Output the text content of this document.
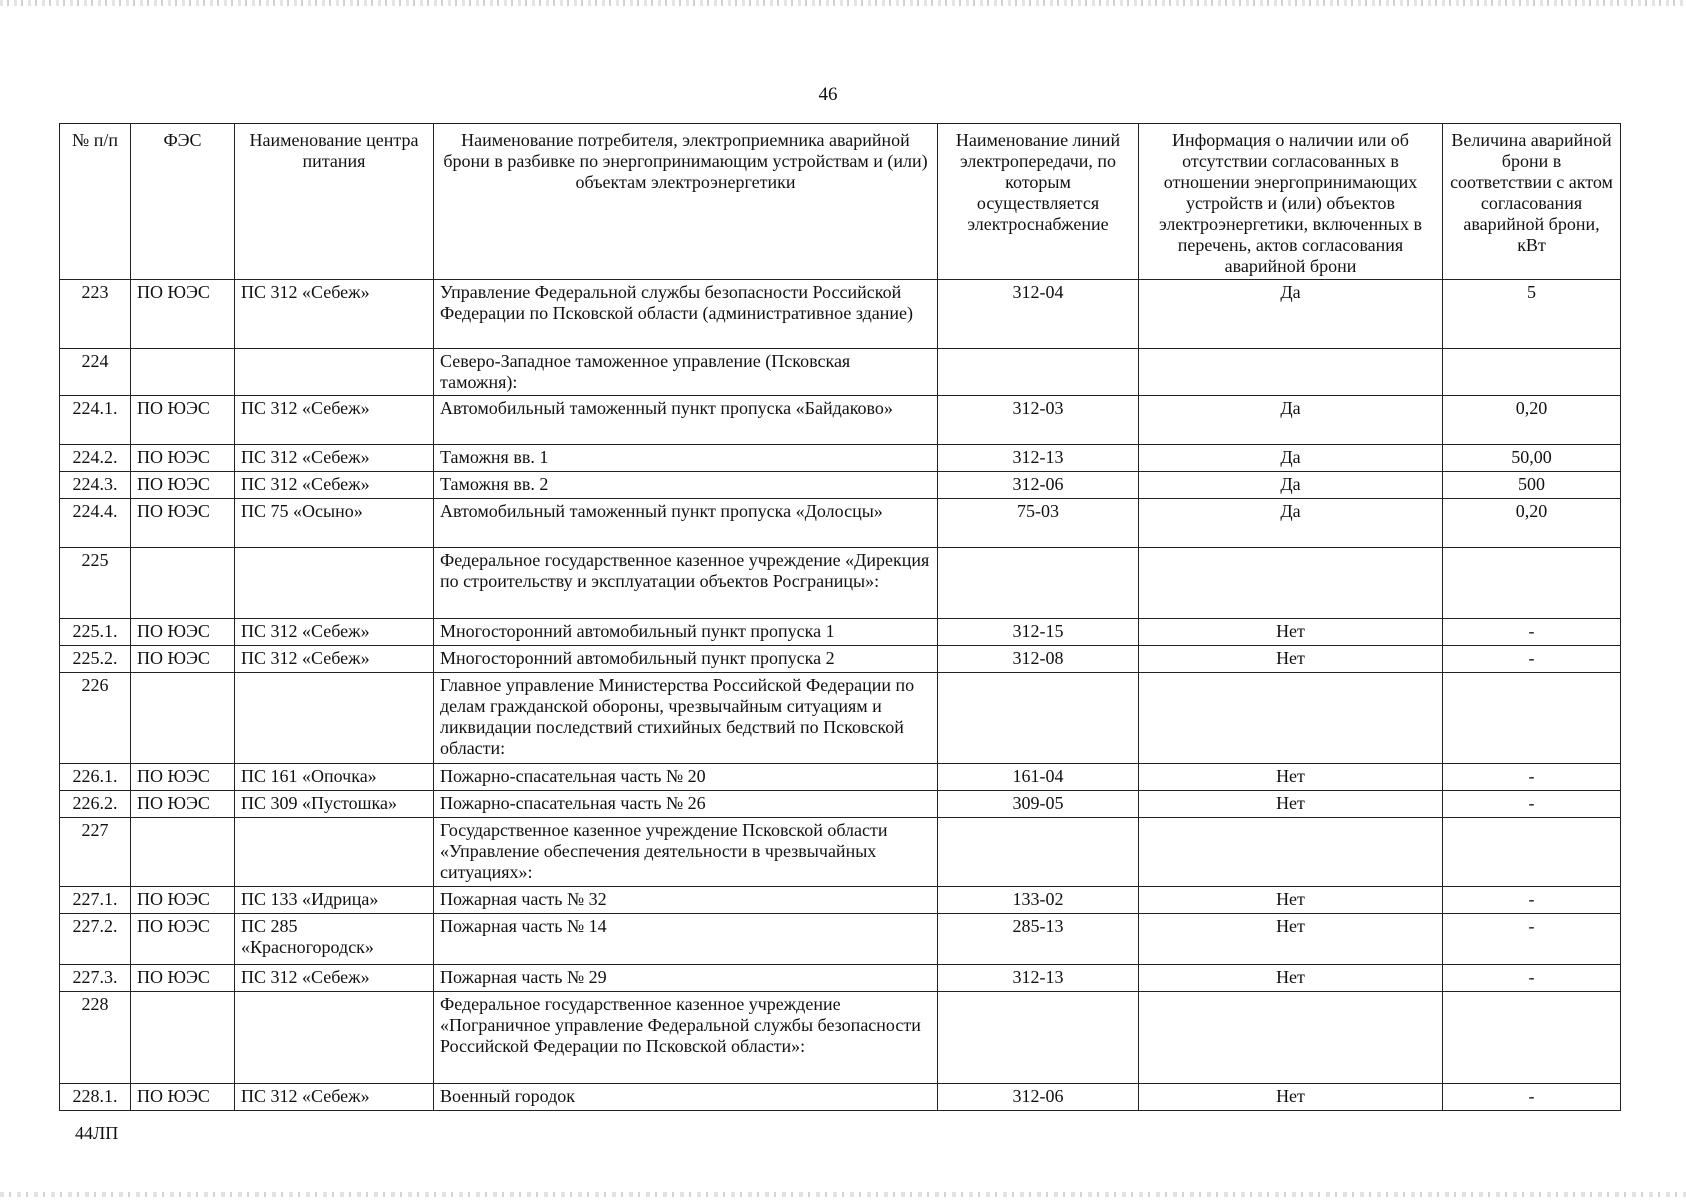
46
№ п/п	ФЭС	Наименование центра питания	Наименование потребителя, электроприемника аварийной брони в разбивке по энергопринимающим устройствам и (или) объектам электроэнергетики	Наименование линий электропередачи, по которым осуществляется электроснабжение	Информация о наличии или об отсутствии согласованных в отношении энергопринимающих устройств и (или) объектов электроэнергетики, включенных в перечень, актов согласования аварийной брони	Величина аварийной брони в соответствии с актом согласования аварийной брони, кВт
223	ПО ЮЭС	ПС 312 «Себеж»	Управление Федеральной службы безопасности Российской Федерации по Псковской области (административное здание)	312-04	Да	5
224			Северо-Западное таможенное управление (Псковская таможня):			
224.1.	ПО ЮЭС	ПС 312 «Себеж»	Автомобильный таможенный пункт пропуска «Байдаково»	312-03	Да	0,20
224.2.	ПО ЮЭС	ПС 312 «Себеж»	Таможня вв. 1	312-13	Да	50,00
224.3.	ПО ЮЭС	ПС 312 «Себеж»	Таможня вв. 2	312-06	Да	500
224.4.	ПО ЮЭС	ПС 75 «Осыно»	Автомобильный таможенный пункт пропуска «Долосцы»	75-03	Да	0,20
225			Федеральное государственное казенное учреждение «Дирекция по строительству и эксплуатации объектов Росграницы»:			
225.1.	ПО ЮЭС	ПС 312 «Себеж»	Многосторонний автомобильный пункт пропуска 1	312-15	Нет	-
225.2.	ПО ЮЭС	ПС 312 «Себеж»	Многосторонний автомобильный пункт пропуска 2	312-08	Нет	-
226			Главное управление Министерства Российской Федерации по делам гражданской обороны, чрезвычайным ситуациям и ликвидации последствий стихийных бедствий по Псковской области:			
226.1.	ПО ЮЭС	ПС 161 «Опочка»	Пожарно-спасательная часть № 20	161-04	Нет	-
226.2.	ПО ЮЭС	ПС 309 «Пустошка»	Пожарно-спасательная часть № 26	309-05	Нет	-
227			Государственное казенное учреждение Псковской области «Управление обеспечения деятельности в чрезвычайных ситуациях»:			
227.1.	ПО ЮЭС	ПС 133 «Идрица»	Пожарная часть № 32	133-02	Нет	-
227.2.	ПО ЮЭС	ПС 285 «Красногородск»	Пожарная часть № 14	285-13	Нет	-
227.3.	ПО ЮЭС	ПС 312 «Себеж»	Пожарная часть № 29	312-13	Нет	-
228			Федеральное государственное казенное учреждение «Пограничное управление Федеральной службы безопасности Российской Федерации по Псковской области»:			
228.1.	ПО ЮЭС	ПС 312 «Себеж»	Военный городок	312-06	Нет	-
44ЛП
